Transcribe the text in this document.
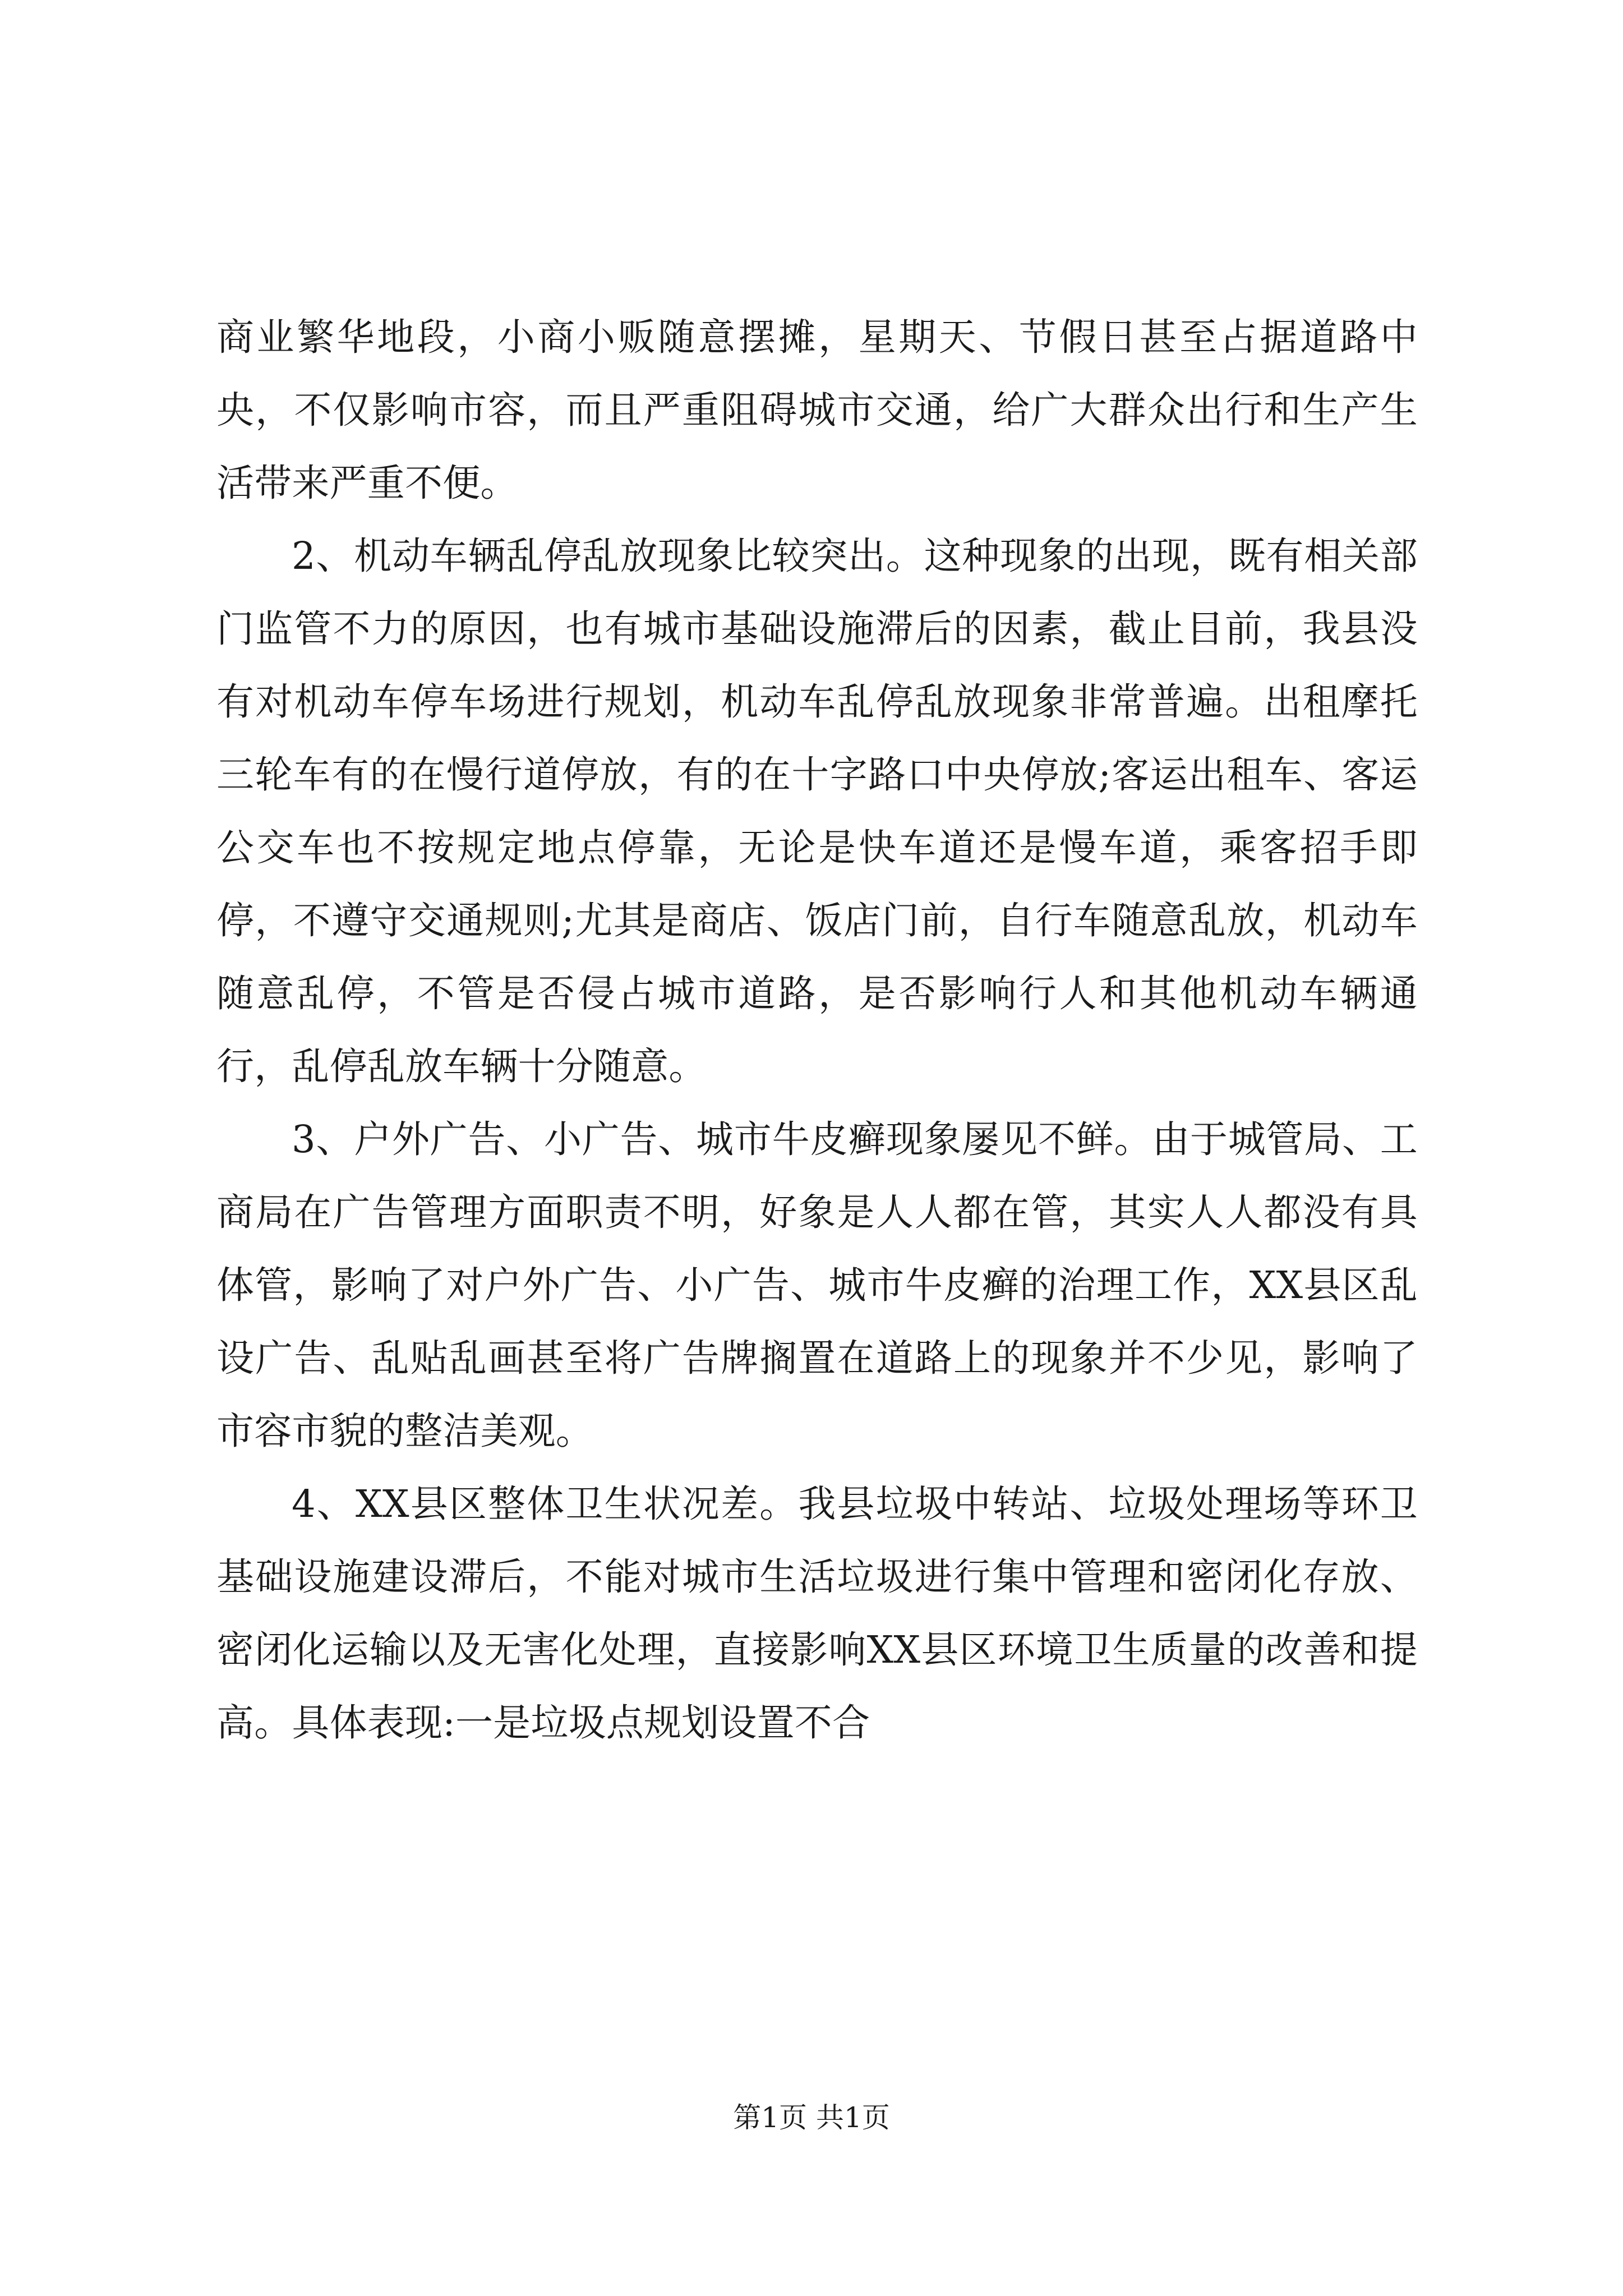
商业繁华地段，小商小贩随意摆摊，星期天、节假日甚至占据道路中央，不仅影响市容，而且严重阻碍城市交通，给广大群众出行和生产生活带来严重不便。

2、机动车辆乱停乱放现象比较突出。这种现象的出现，既有相关部门监管不力的原因，也有城市基础设施滞后的因素，截止目前，我县没有对机动车停车场进行规划，机动车乱停乱放现象非常普遍。出租摩托三轮车有的在慢行道停放，有的在十字路口中央停放;客运出租车、客运公交车也不按规定地点停靠，无论是快车道还是慢车道，乘客招手即停，不遵守交通规则;尤其是商店、饭店门前，自行车随意乱放，机动车随意乱停，不管是否侵占城市道路，是否影响行人和其他机动车辆通行，乱停乱放车辆十分随意。

3、户外广告、小广告、城市牛皮癣现象屡见不鲜。由于城管局、工商局在广告管理方面职责不明，好象是人人都在管，其实人人都没有具体管，影响了对户外广告、小广告、城市牛皮癣的治理工作，XX县区乱设广告、乱贴乱画甚至将广告牌搁置在道路上的现象并不少见，影响了市容市貌的整洁美观。

4、XX县区整体卫生状况差。我县垃圾中转站、垃圾处理场等环卫基础设施建设滞后，不能对城市生活垃圾进行集中管理和密闭化存放、密闭化运输以及无害化处理，直接影响XX县区环境卫生质量的改善和提高。具体表现:一是垃圾点规划设置不合

第1页 共1页
